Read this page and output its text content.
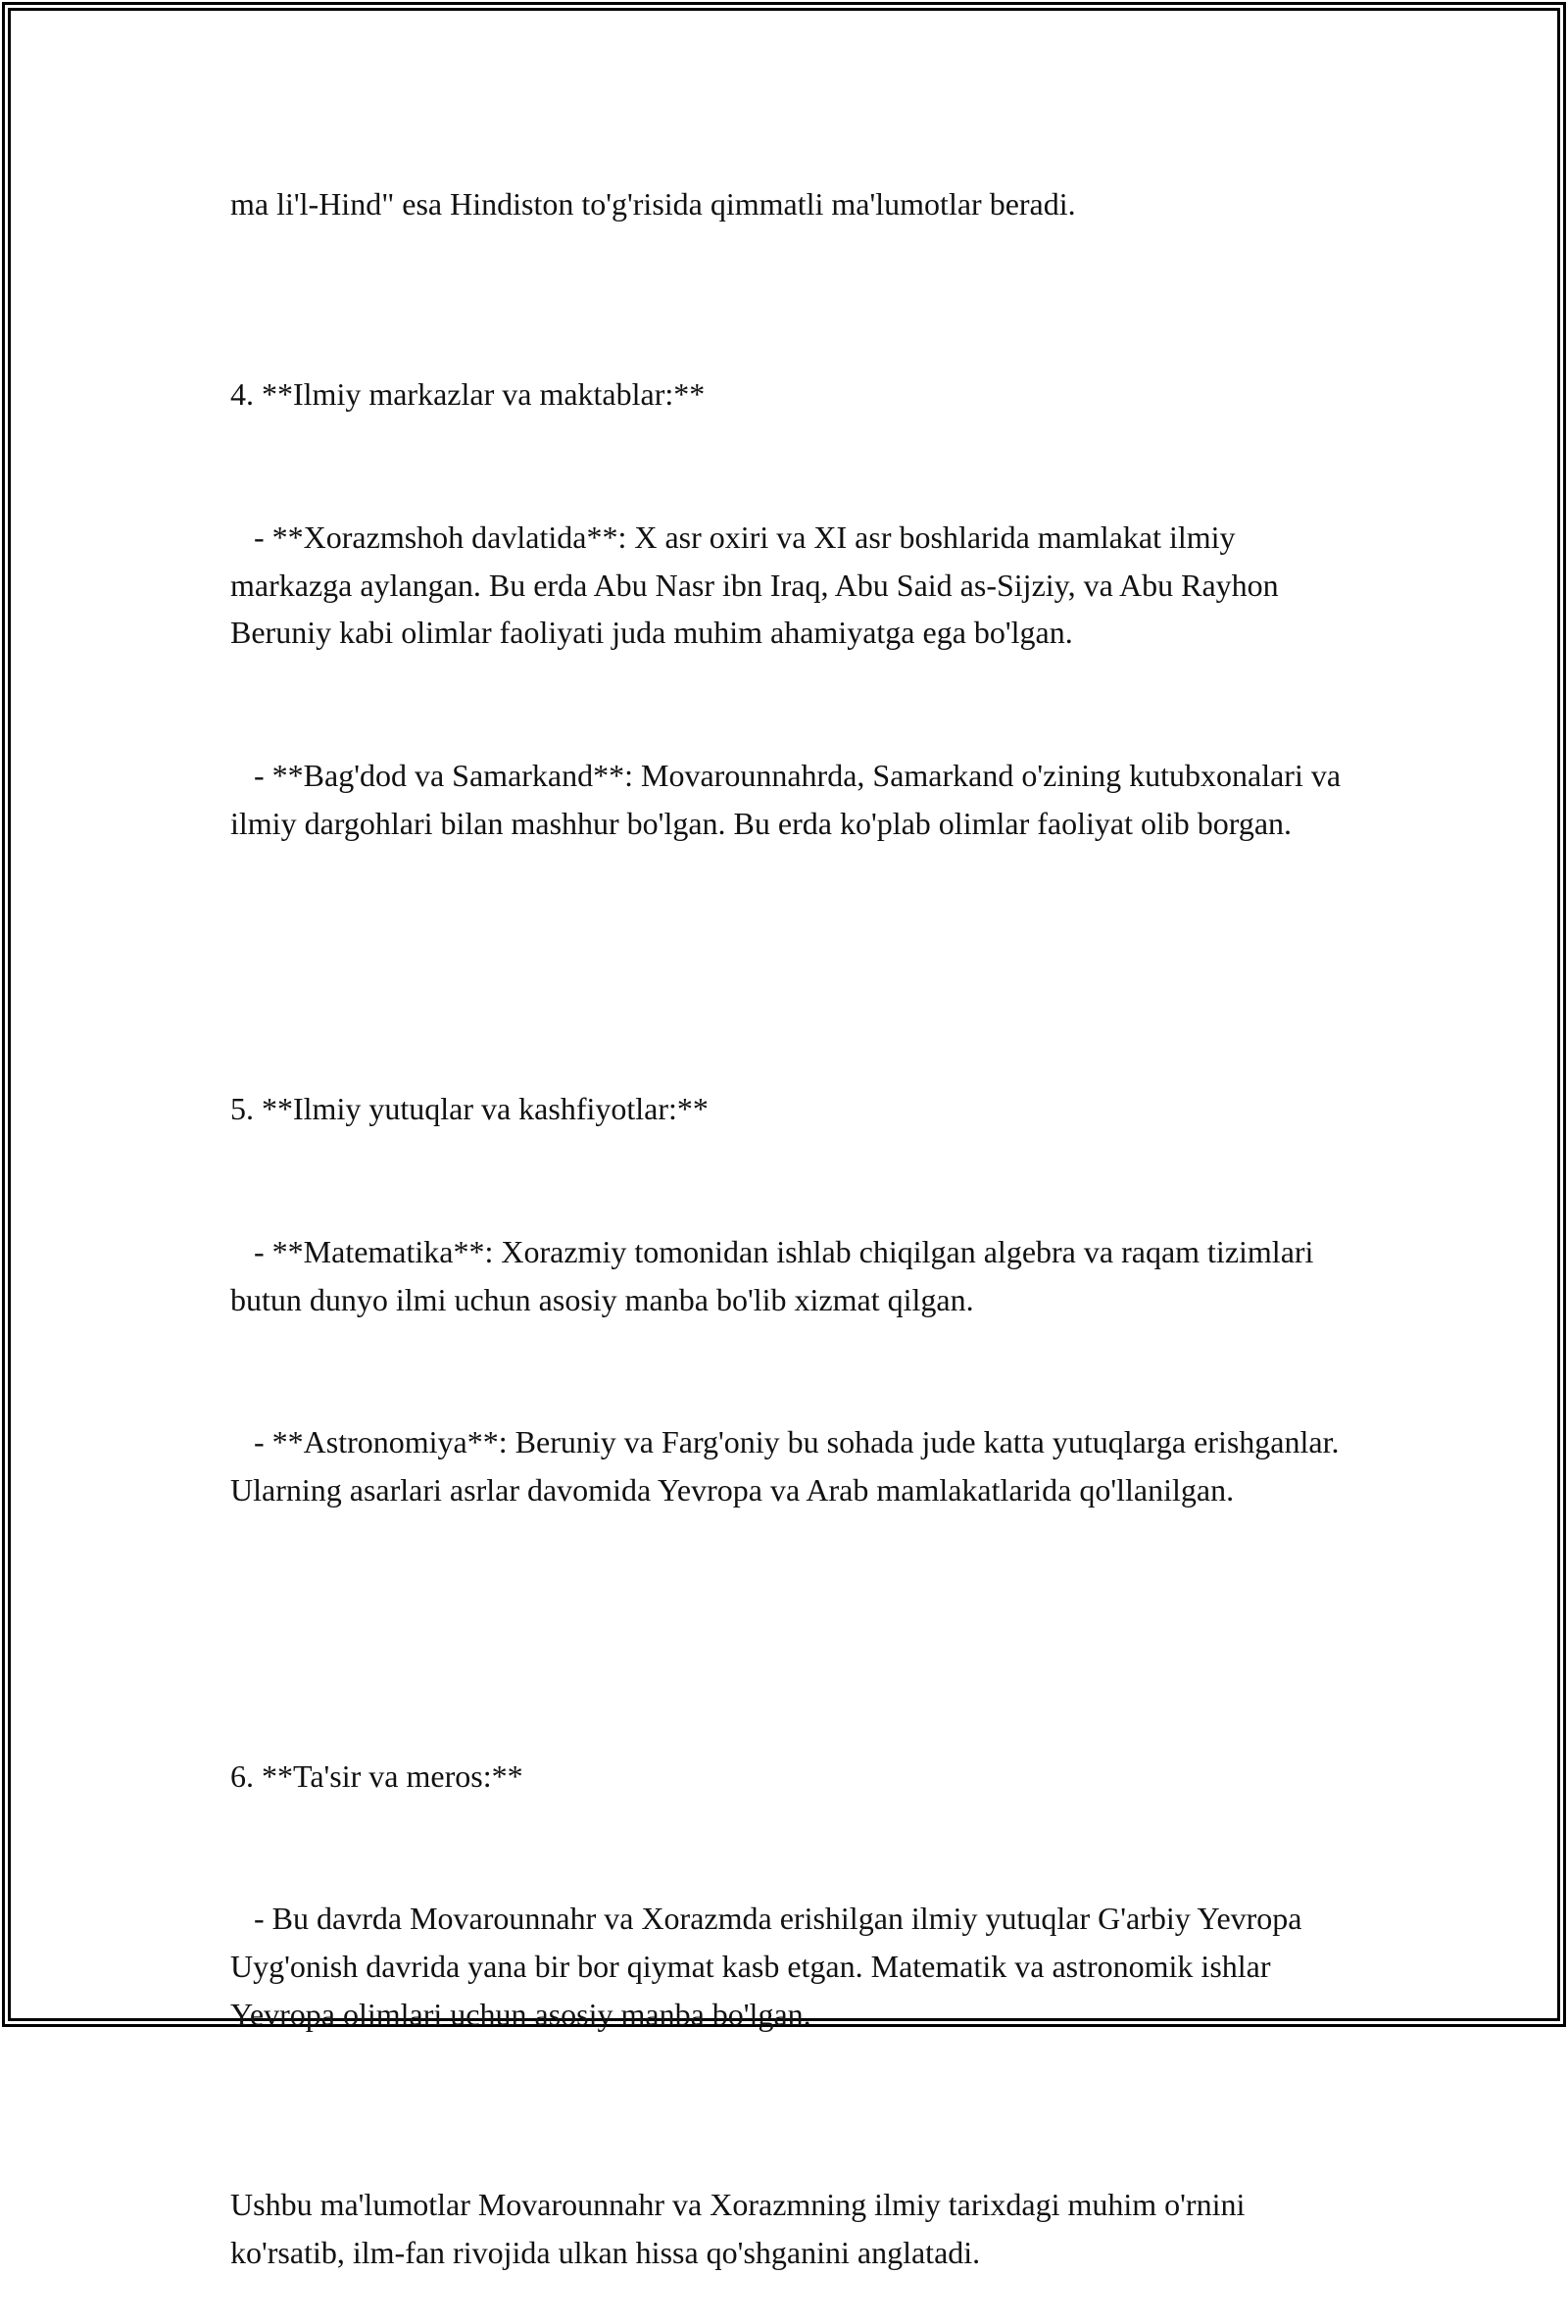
ma li'l-Hind" esa Hindiston to'g'risida qimmatli ma'lumotlar beradi.

4. **Ilmiy markazlar va maktablar:**

- **Xorazmshoh davlatida**: X asr oxiri va XI asr boshlarida mamlakat ilmiy markazga aylangan. Bu erda Abu Nasr ibn Iraq, Abu Said as-Sijziy, va Abu Rayhon Beruniy kabi olimlar faoliyati juda muhim ahamiyatga ega bo'lgan.

- **Bag'dod va Samarkand**: Movarounnahrda, Samarkand o'zining kutubxonalari va ilmiy dargohlari bilan mashhur bo'lgan. Bu erda ko'plab olimlar faoliyat olib borgan.

5. **Ilmiy yutuqlar va kashfiyotlar:**

- **Matematika**: Xorazmiy tomonidan ishlab chiqilgan algebra va raqam tizimlari butun dunyo ilmi uchun asosiy manba bo'lib xizmat qilgan.

- **Astronomiya**: Beruniy va Farg'oniy bu sohada jude katta yutuqlarga erishganlar. Ularning asarlari asrlar davomida Yevropa va Arab mamlakatlarida qo'llanilgan.

6. **Ta'sir va meros:**

- Bu davrda Movarounnahr va Xorazmda erishilgan ilmiy yutuqlar G'arbiy Yevropa Uyg'onish davrida yana bir bor qiymat kasb etgan. Matematik va astronomik ishlar Yevropa olimlari uchun asosiy manba bo'lgan.

Ushbu ma'lumotlar Movarounnahr va Xorazmning ilmiy tarixdagi muhim o'rnini ko'rsatib, ilm-fan rivojida ulkan hissa qo'shganini anglatadi.
